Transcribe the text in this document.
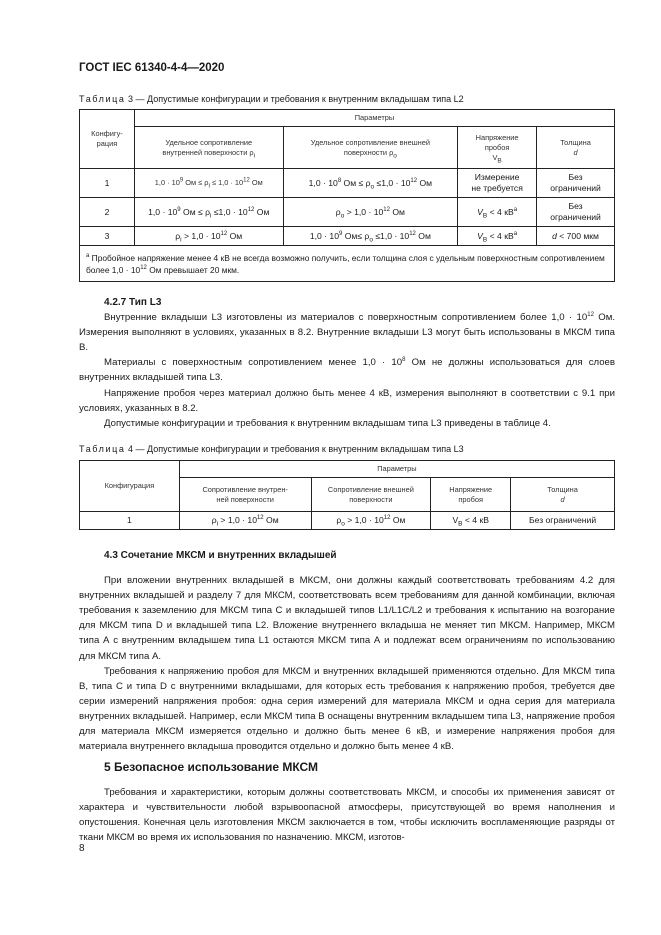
ГОСТ IEC 61340-4-4—2020
Таблица 3 — Допустимые конфигурации и требования к внутренним вкладышам типа L2
Конфигу-
рация	Параметры			
	Удельное сопротивление
внутренней поверхности $\rho_i$	Удельное сопротивление внешней
поверхности $\rho_o$	Напряжение
пробоя
$V_B$	Толщина
d
1	$1,0 \cdot 10^9$ Ом ≤ $\rho_i \le 1,0 \cdot 10^{12}$ Ом	$1,0 \cdot 10^8$ Ом ≤ $\rho_o \le 1,0 \cdot 10^{12}$ Ом	Измерение
не требуется	Без
ограничений
2	$1,0 \cdot 10^9$ Ом ≤ $\rho_i \le 1,0 \cdot 10^{12}$ Ом	$\rho_o > 1,0 \cdot 10^{12}$ Ом	$V_B < 4$ $кВ^a$	Без
ограничений
3	$\rho_i > 1,0 \cdot 10^{12}$ Ом	$1,0 \cdot 10^9$ $Ом\le \rho_o \le 1,0 \cdot 10^{12}$ Ом	$V_B < 4$ $кВ^a$	d < 700 мкм
$^a$ Пробойное напряжение менее 4 кВ не всегда возможно получить, если толщина слоя с удельным поверхностным сопротивлением более $1,0 \cdot 10^{12}$ Ом превышает 20 мкм.				
4.2.7 Тип L3
Внутренние вкладыши L3 изготовлены из материалов с поверхностным сопротивлением более $1,0 \cdot 10^{12}$ Ом. Измерения выполняют в условиях, указанных в 8.2. Внутренние вкладыши L3 могут быть использованы в МКСМ типа В.
Материалы с поверхностным сопротивлением менее $1,0 \cdot 10^8$ Ом не должны использоваться для слоев внутренних вкладышей типа L3.
Напряжение пробоя через материал должно быть менее 4 кВ, измерения выполняют в соответствии с 9.1 при условиях, указанных в 8.2.
Допустимые конфигурации и требования к внутренним вкладышам типа L3 приведены в таблице 4.
Таблица 4 — Допустимые конфигурации и требования к внутренним вкладышам типа L3
Конфигурация	Параметры			
	Сопротивление внутрен-
ней поверхности	Сопротивление внешней
поверхности	Напряжение
пробоя	Толщина
d
1	$\rho_i > 1,0 \cdot 10^{12}$ Ом	$\rho_o > 1,0 \cdot 10^{12}$ Ом	$V_B < 4$ кВ	Без ограничений
4.3 Сочетание МКСМ и внутренних вкладышей
При вложении внутренних вкладышей в МКСМ, они должны каждый соответствовать требованиям 4.2 для внутренних вкладышей и разделу 7 для МКСМ, соответствовать всем требованиям для данной комбинации, включая требования к заземлению для МКСМ типа С и вкладышей типов L1/L1C/L2 и требования к испытанию на возгорание для МКСМ типа D и вкладышей типа L2. Вложение внутреннего вкладыша не меняет тип МКСМ. Например, МКСМ типа А с внутренним вкладышем типа L1 остаются МКСМ типа А и подлежат всем ограничениям по использованию для МКСМ типа А.
Требования к напряжению пробоя для МКСМ и внутренних вкладышей применяются отдельно. Для МКСМ типа В, типа С и типа D с внутренними вкладышами, для которых есть требования к напряжению пробоя, требуется две серии измерений напряжения пробоя: одна серия измерений для материала МКСМ и одна серия для материала внутренних вкладышей. Например, если МКСМ типа В оснащены внутренним вкладышем типа L3, напряжение пробоя для материала МКСМ измеряется отдельно и должно быть менее 6 кВ, и измерение напряжения пробоя для материала внутреннего вкладыша проводится отдельно и должно быть менее 4 кВ.
5 Безопасное использование МКСМ
Требования и характеристики, которым должны соответствовать МКСМ, и способы их применения зависят от характера и чувствительности любой взрывоопасной атмосферы, присутствующей во время наполнения и опустошения. Конечная цель изготовления МКСМ заключается в том, чтобы исключить воспламеняющие разряды от ткани МКСМ во время их использования по назначению. МКСМ, изготов-
8
